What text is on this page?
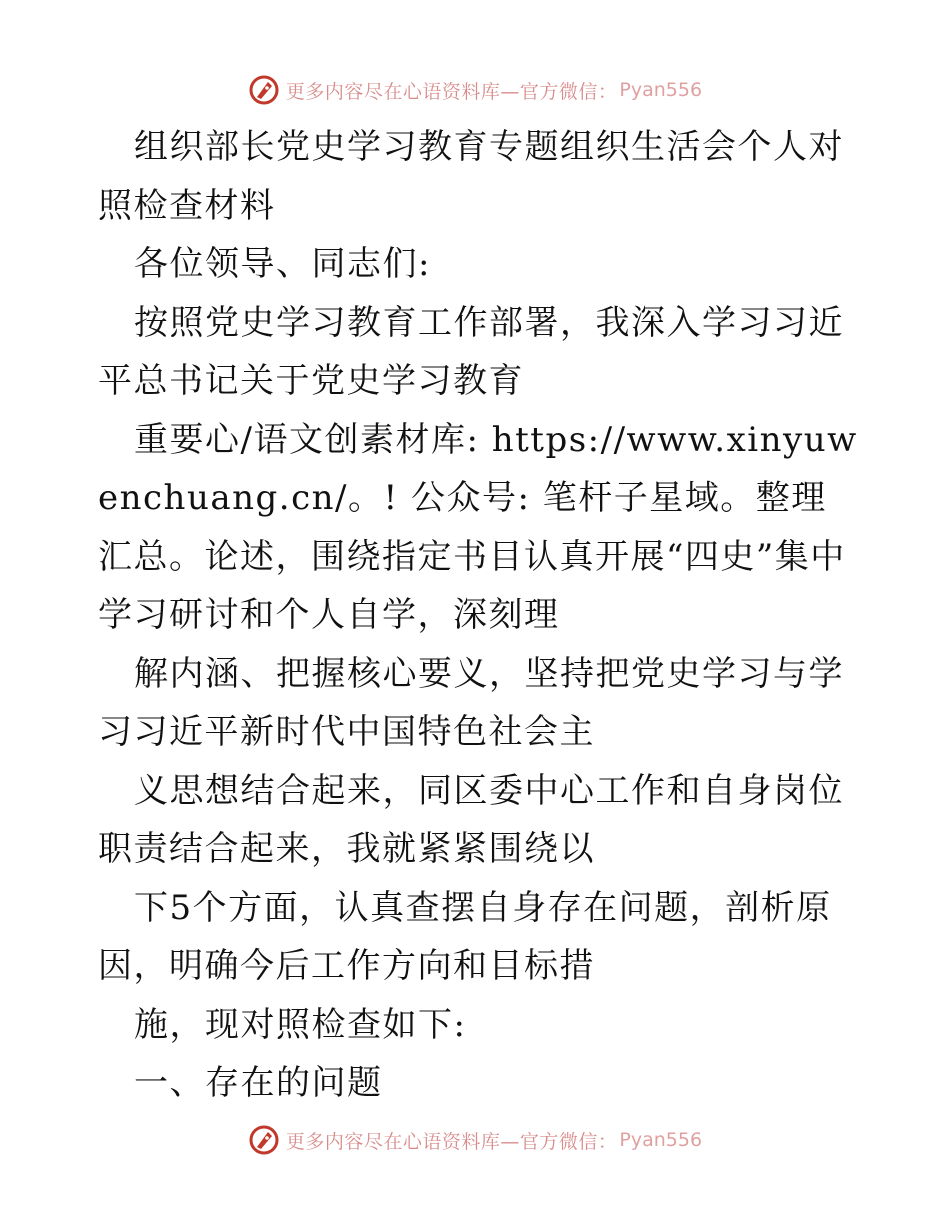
更多内容尽在心语资料库—官方微信： Pyan556

组织部长党史学习教育专题组织生活会个人对照检查材料

各位领导、同志们:

按照党史学习教育工作部署，我深入学习习近平总书记关于党史学习教育

重要心/语文创素材库: https://www.xinyuwenchuang.cn/。! 公众号: 笔杆子星域。整理汇总。论述，围绕指定书目认真开展“四史”集中学习研讨和个人自学，深刻理

解内涵、把握核心要义，坚持把党史学习与学习习近平新时代中国特色社会主

义思想结合起来，同区委中心工作和自身岗位职责结合起来，我就紧紧围绕以

下5个方面，认真查摆自身存在问题，剖析原因，明确今后工作方向和目标措

施，现对照检查如下:

一、存在的问题

更多内容尽在心语资料库—官方微信： Pyan556
